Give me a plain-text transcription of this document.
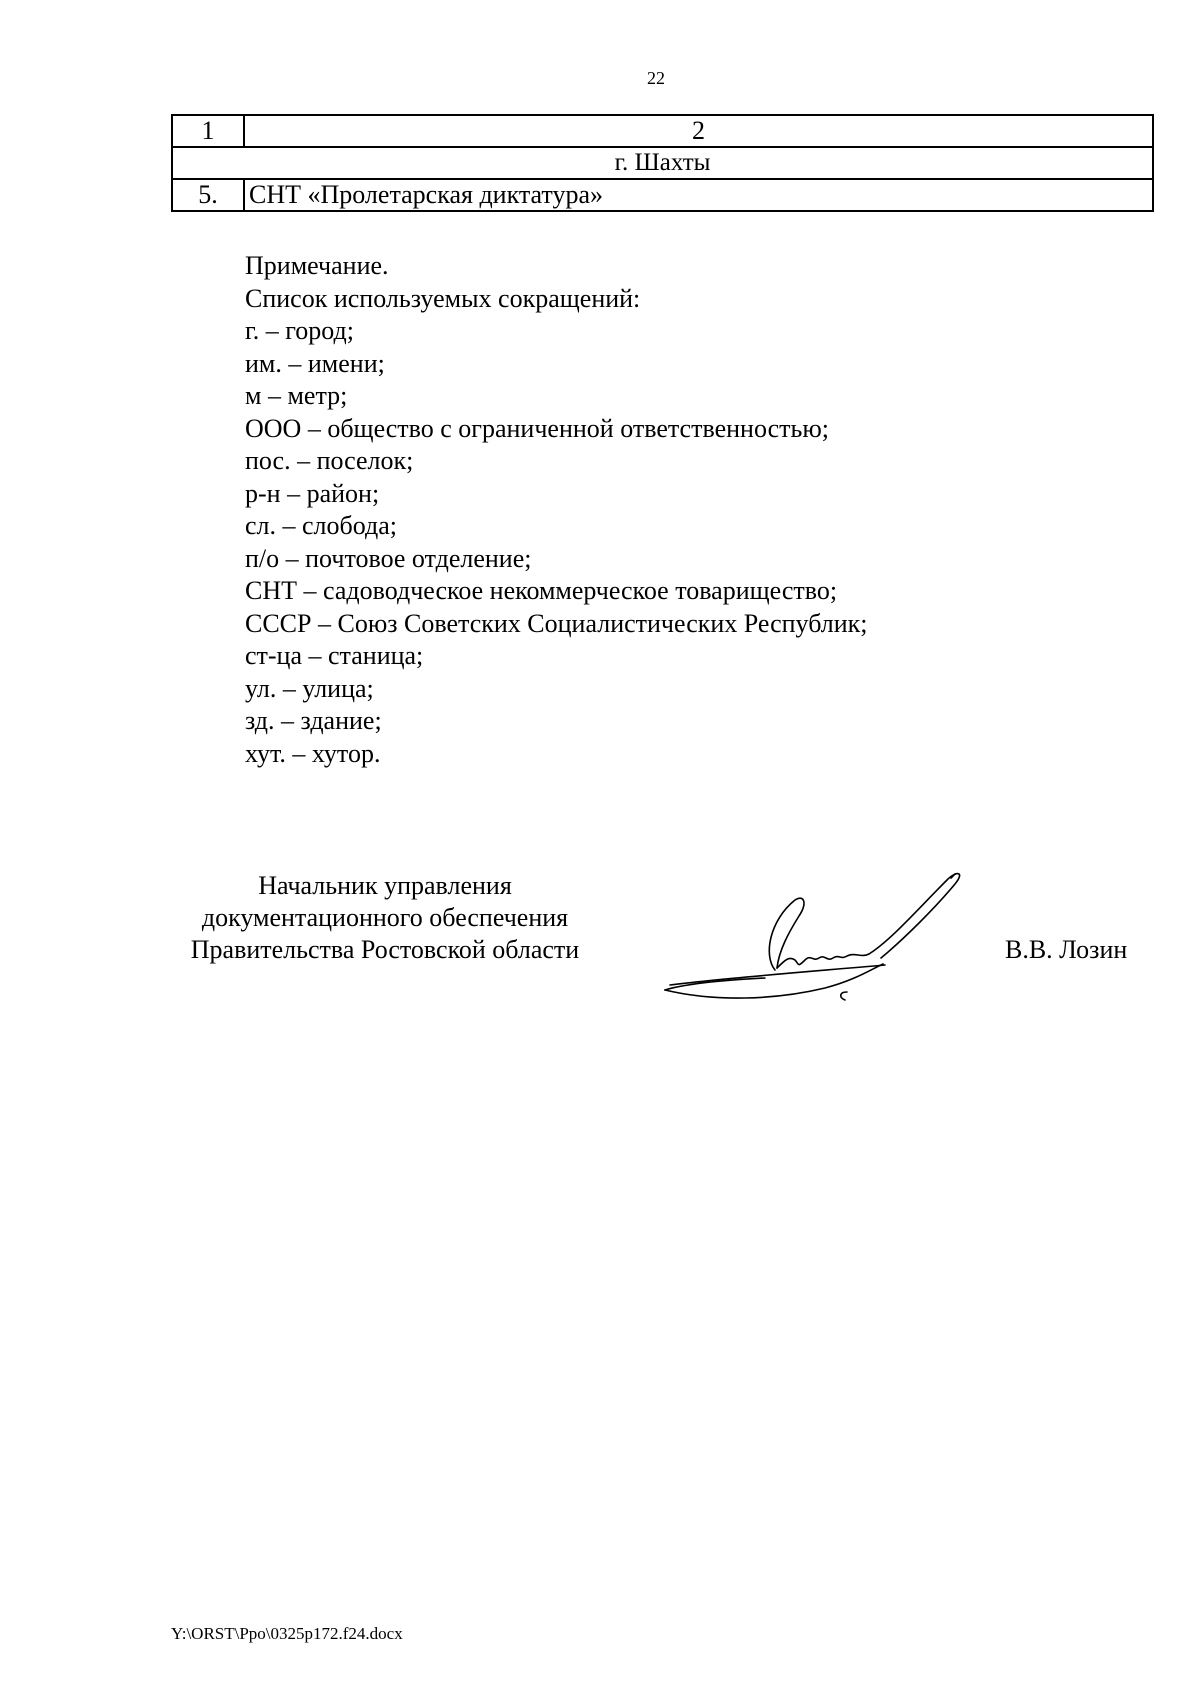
22
1	2
г. Шахты	
5.	СНТ «Пролетарская диктатура»
Примечание.
Список используемых сокращений:
г. – город;
им. – имени;
м – метр;
ООО – общество с ограниченной ответственностью;
пос. – поселок;
р-н – район;
сл. – слобода;
п/о – почтовое отделение;
СНТ – садоводческое некоммерческое товарищество;
СССР – Союз Советских Социалистических Республик;
ст-ца – станица;
ул. – улица;
зд. – здание;
хут. – хутор.
Начальник управления
документационного обеспечения
Правительства Ростовской области	В.В. Лозин
Y:\ORST\Ppo\0325p172.f24.docx
